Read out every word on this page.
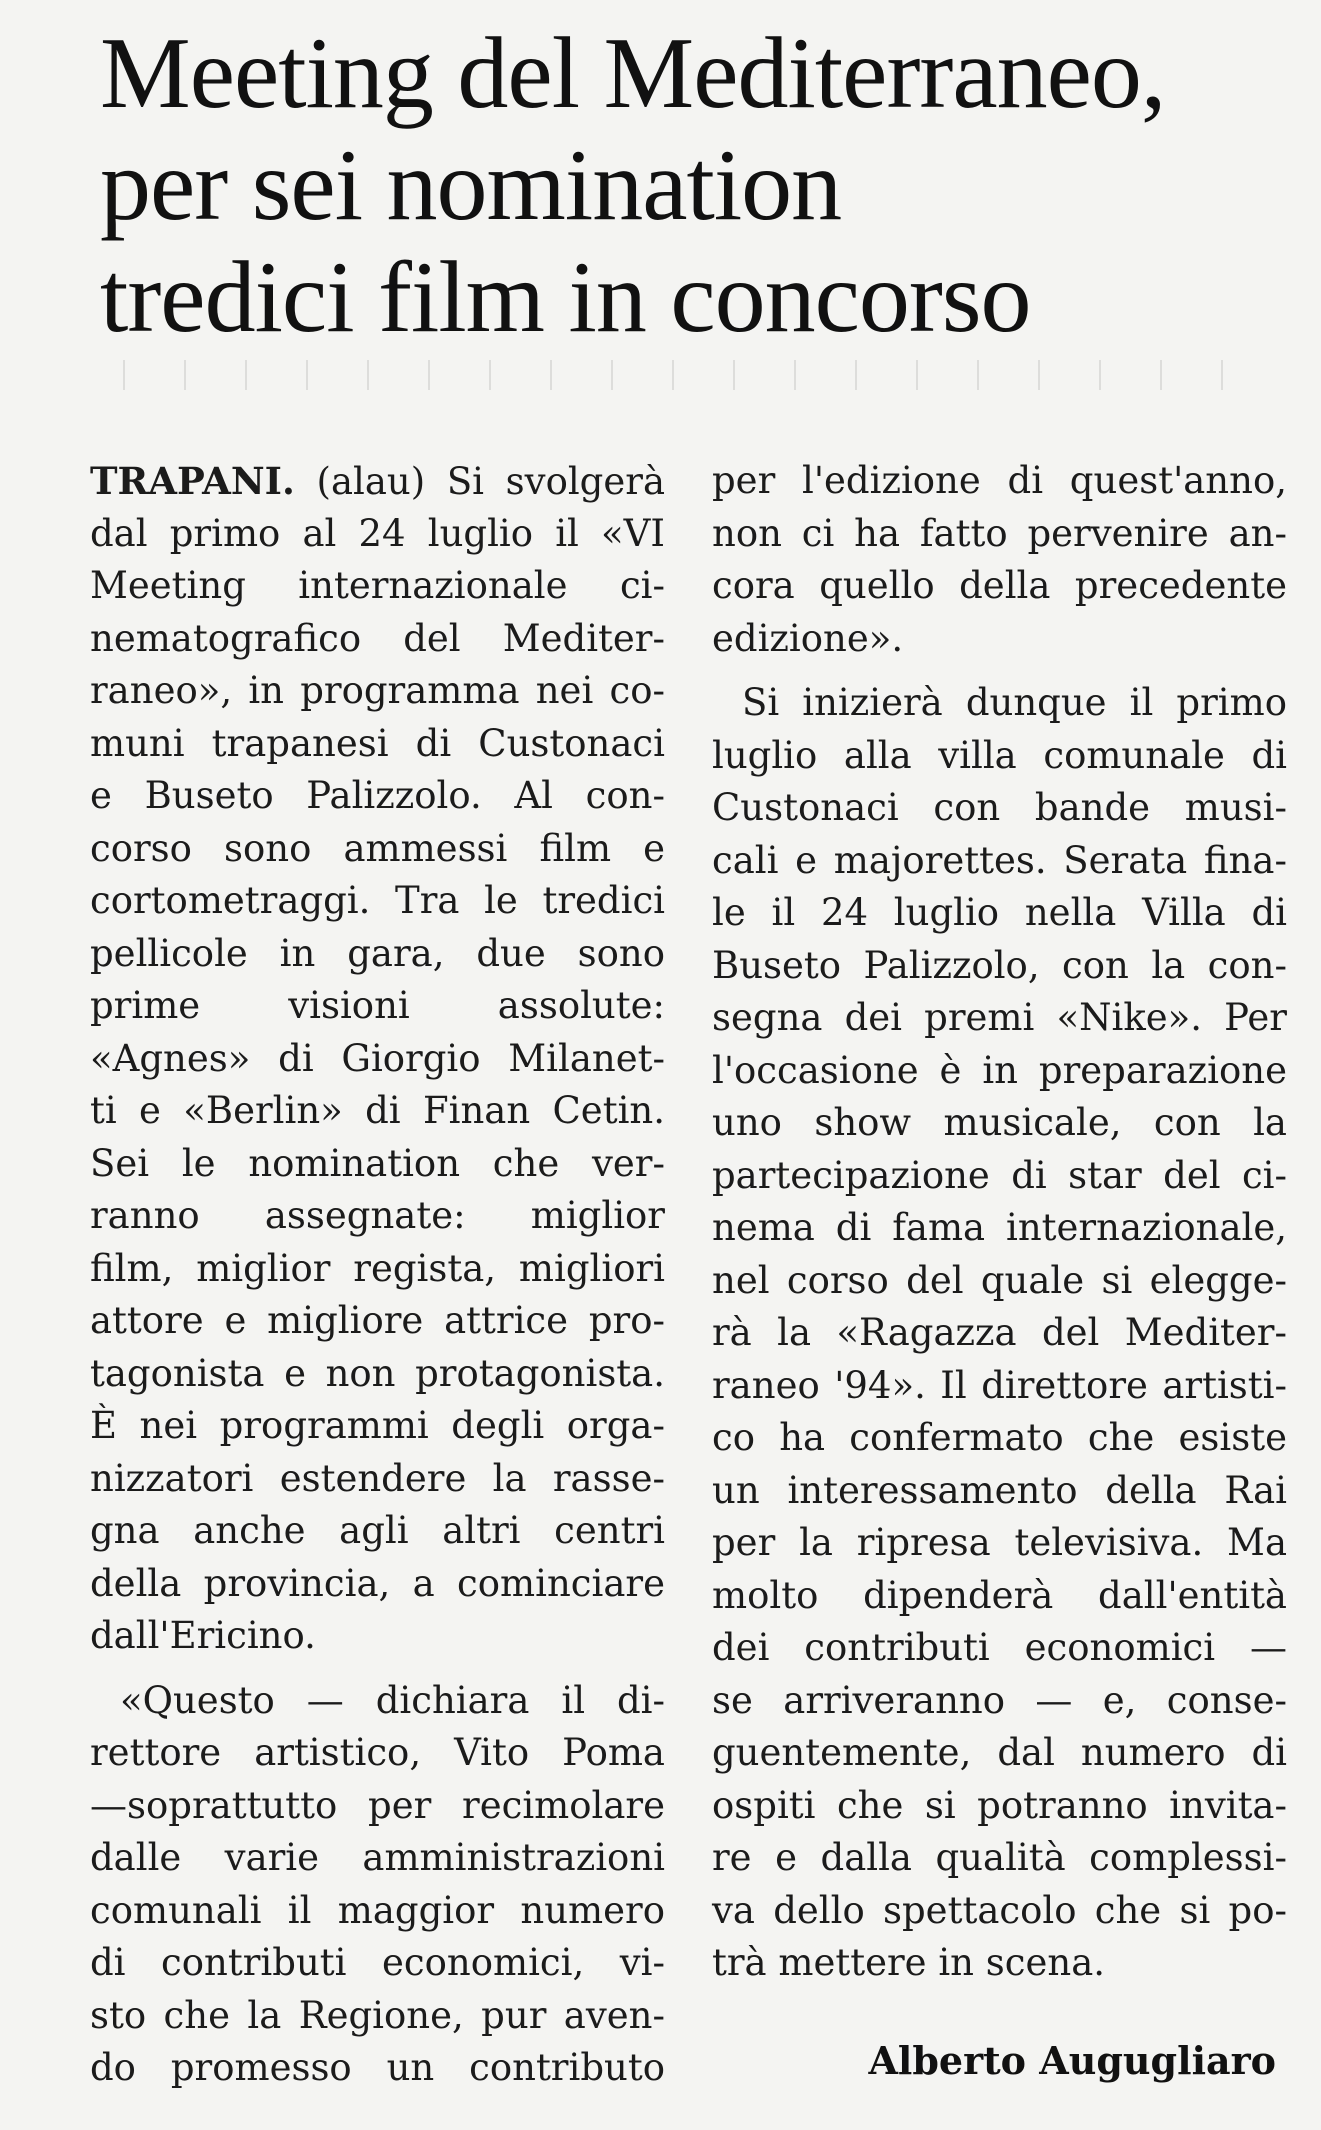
Meeting del Mediterraneo,
per sei nomination
tredici film in concorso
TRAPANI. (alau) Si svolgerà
dal primo al 24 luglio il «VI
Meeting internazionale ci-
nematografico del Mediter-
raneo», in programma nei co-
muni trapanesi di Custonaci
e Buseto Palizzolo. Al con-
corso sono ammessi film e
cortometraggi. Tra le tredici
pellicole in gara, due sono
prime visioni assolute:
«Agnes» di Giorgio Milanet-
ti e «Berlin» di Finan Cetin.
Sei le nomination che ver-
ranno assegnate: miglior
film, miglior regista, migliori
attore e migliore attrice pro-
tagonista e non protagonista.
È nei programmi degli orga-
nizzatori estendere la rasse-
gna anche agli altri centri
della provincia, a cominciare
dall'Ericino.
«Questo — dichiara il di-
rettore artistico, Vito Poma
—soprattutto per recimolare
dalle varie amministrazioni
comunali il maggior numero
di contributi economici, vi-
sto che la Regione, pur aven-
do promesso un contributo
per l'edizione di quest'anno,
non ci ha fatto pervenire an-
cora quello della precedente
edizione».
Si inizierà dunque il primo
luglio alla villa comunale di
Custonaci con bande musi-
cali e majorettes. Serata fina-
le il 24 luglio nella Villa di
Buseto Palizzolo, con la con-
segna dei premi «Nike». Per
l'occasione è in preparazione
uno show musicale, con la
partecipazione di star del ci-
nema di fama internazionale,
nel corso del quale si elegge-
rà la «Ragazza del Mediter-
raneo '94». Il direttore artisti-
co ha confermato che esiste
un interessamento della Rai
per la ripresa televisiva. Ma
molto dipenderà dall'entità
dei contributi economici —
se arriveranno — e, conse-
guentemente, dal numero di
ospiti che si potranno invita-
re e dalla qualità complessi-
va dello spettacolo che si po-
trà mettere in scena.
Alberto Augugliaro
